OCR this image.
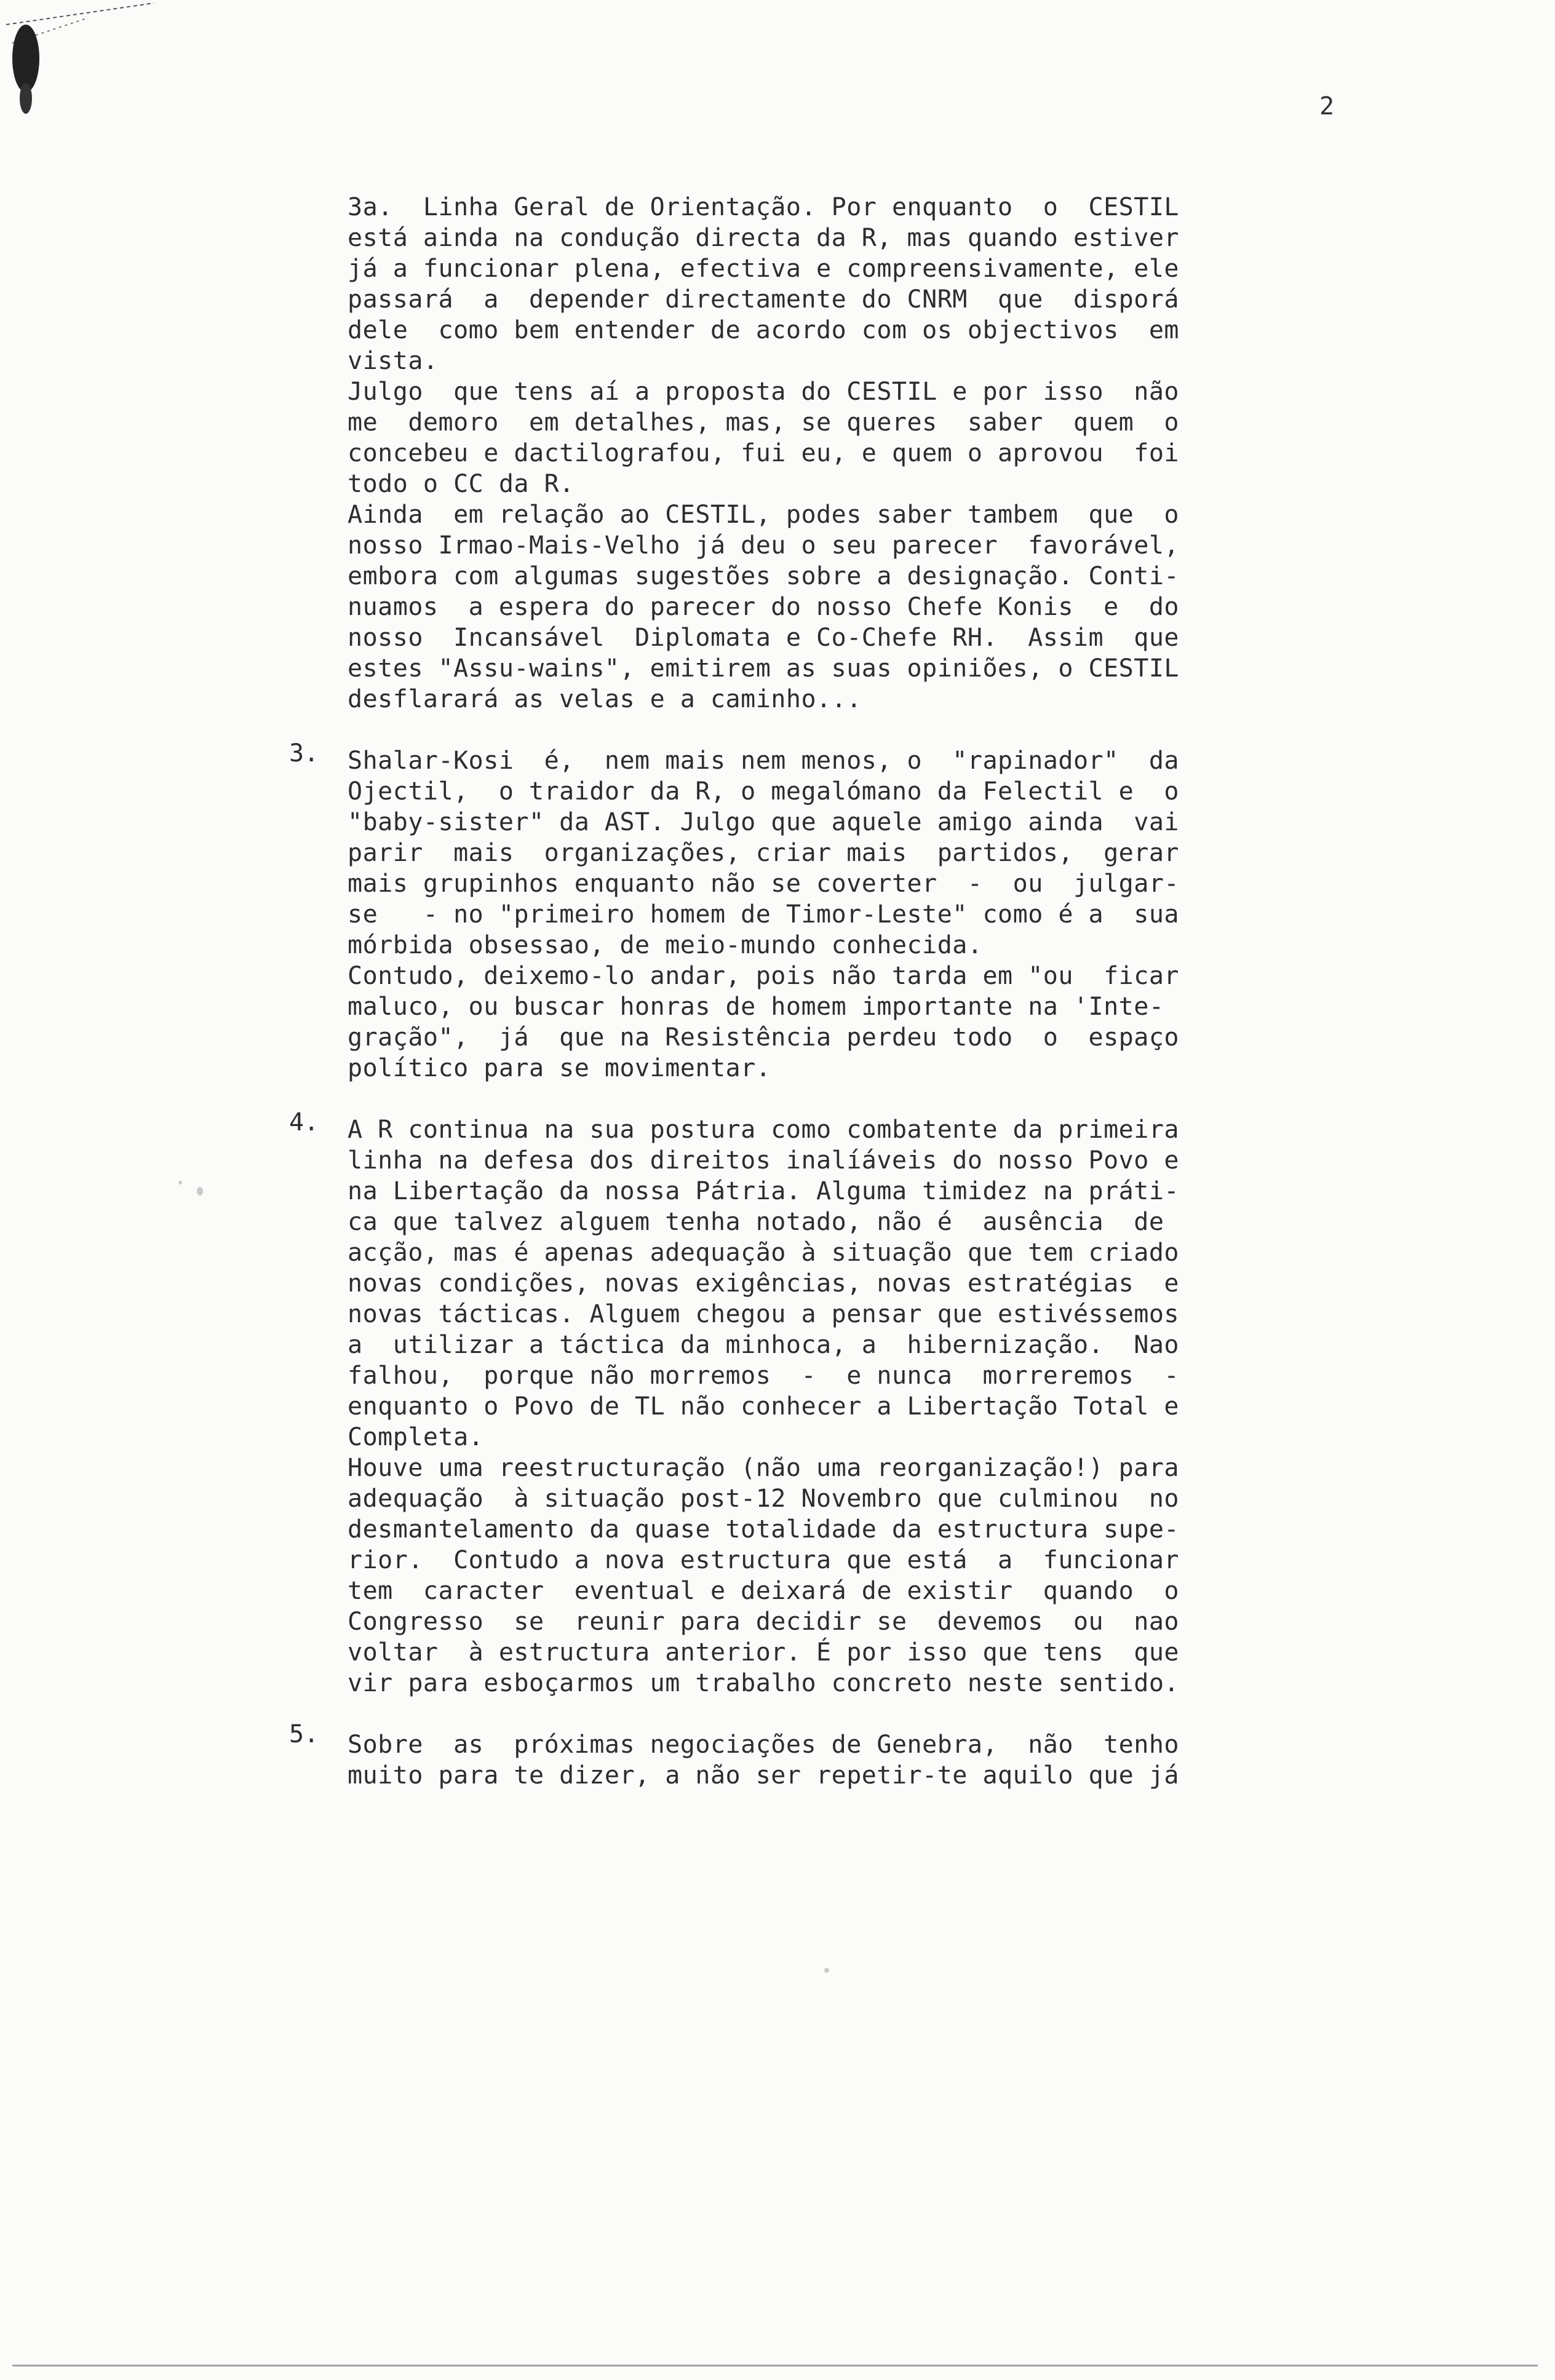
2
3a.  Linha Geral de Orientação. Por enquanto  o  CESTIL
está ainda na condução directa da R, mas quando estiver
já a funcionar plena, efectiva e compreensivamente, ele
passará  a  depender directamente do CNRM  que  disporá
dele  como bem entender de acordo com os objectivos  em
vista.
Julgo  que tens aí a proposta do CESTIL e por isso  não
me  demoro  em detalhes, mas, se queres  saber  quem  o
concebeu e dactilografou, fui eu, e quem o aprovou  foi
todo o CC da R.
Ainda  em relação ao CESTIL, podes saber tambem  que  o
nosso Irmao-Mais-Velho já deu o seu parecer  favorável,
embora com algumas sugestões sobre a designação. Conti-
nuamos  a espera do parecer do nosso Chefe Konis  e  do
nosso  Incansável  Diplomata e Co-Chefe RH.  Assim  que
estes "Assu-wains", emitirem as suas opiniões, o CESTIL
desflarará as velas e a caminho...
Shalar-Kosi  é,  nem mais nem menos, o  "rapinador"  da
Ojectil,  o traidor da R, o megalómano da Felectil e  o
"baby-sister" da AST. Julgo que aquele amigo ainda  vai
parir  mais  organizações, criar mais  partidos,  gerar
mais grupinhos enquanto não se coverter  -  ou  julgar-
se   - no "primeiro homem de Timor-Leste" como é a  sua
mórbida obsessao, de meio-mundo conhecida.
Contudo, deixemo-lo andar, pois não tarda em "ou  ficar
maluco, ou buscar honras de homem importante na 'Inte-
gração",  já  que na Resistência perdeu todo  o  espaço
político para se movimentar.
A R continua na sua postura como combatente da primeira
linha na defesa dos direitos inalíáveis do nosso Povo e
na Libertação da nossa Pátria. Alguma timidez na práti-
ca que talvez alguem tenha notado, não é  ausência  de
acção, mas é apenas adequação à situação que tem criado
novas condições, novas exigências, novas estratégias  e
novas tácticas. Alguem chegou a pensar que estivéssemos
a  utilizar a táctica da minhoca, a  hibernização.  Nao
falhou,  porque não morremos  -  e nunca  morreremos  -
enquanto o Povo de TL não conhecer a Libertação Total e
Completa.
Houve uma reestructuração (não uma reorganização!) para
adequação  à situação post-12 Novembro que culminou  no
desmantelamento da quase totalidade da estructura supe-
rior.  Contudo a nova estructura que está  a  funcionar
tem  caracter  eventual e deixará de existir  quando  o
Congresso  se  reunir para decidir se  devemos  ou  nao
voltar  à estructura anterior. É por isso que tens  que
vir para esboçarmos um trabalho concreto neste sentido.
Sobre  as  próximas negociações de Genebra,  não  tenho
muito para te dizer, a não ser repetir-te aquilo que já
3.
4.
5.
